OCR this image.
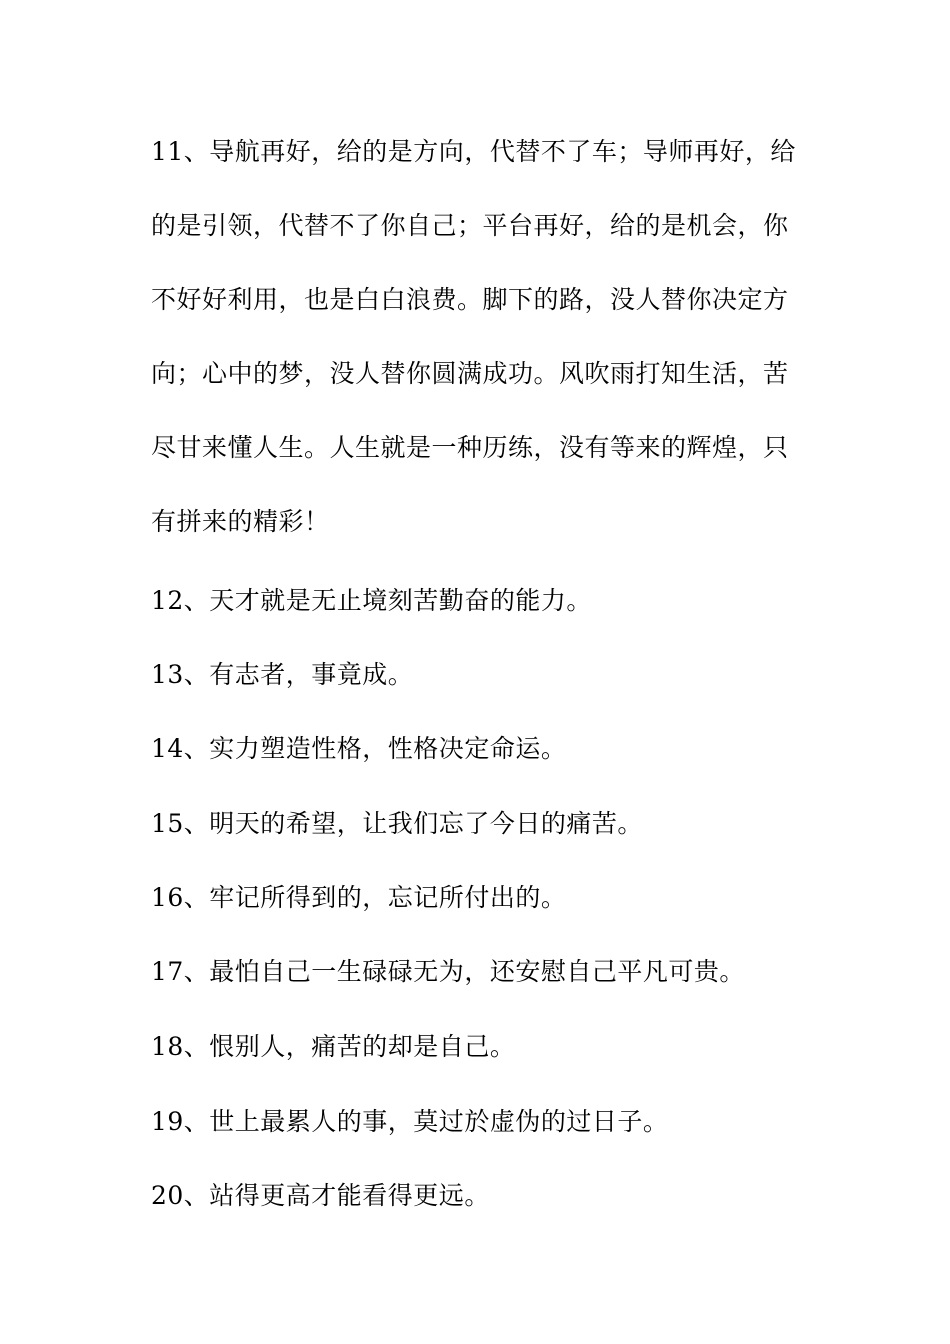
11、导航再好，给的是方向，代替不了车；导师再好，给的是引领，代替不了你自己；平台再好，给的是机会，你不好好利用，也是白白浪费。脚下的路，没人替你决定方向；心中的梦，没人替你圆满成功。风吹雨打知生活，苦尽甘来懂人生。人生就是一种历练，没有等来的辉煌，只有拼来的精彩！

12、天才就是无止境刻苦勤奋的能力。

13、有志者，事竟成。

14、实力塑造性格，性格决定命运。

15、明天的希望，让我们忘了今日的痛苦。

16、牢记所得到的，忘记所付出的。

17、最怕自己一生碌碌无为，还安慰自己平凡可贵。

18、恨别人，痛苦的却是自己。

19、世上最累人的事，莫过於虚伪的过日子。

20、站得更高才能看得更远。
